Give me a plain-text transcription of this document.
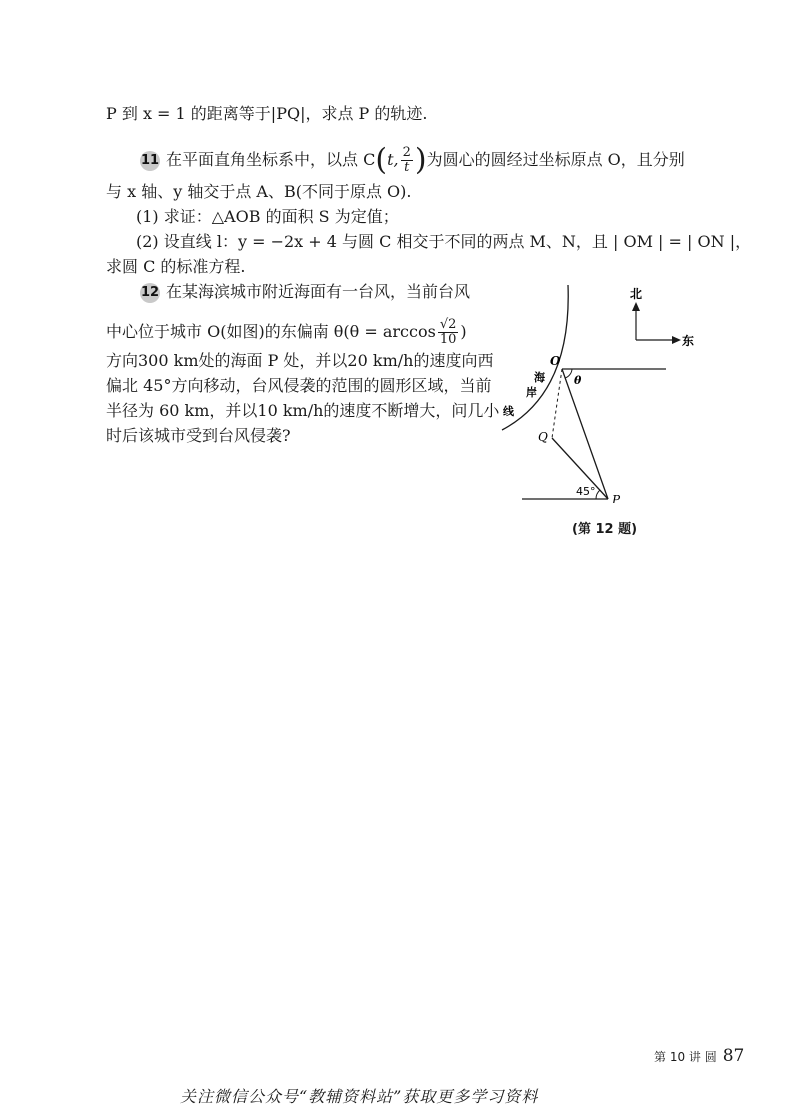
P 到 x = 1 的距离等于|PQ|，求点 P 的轨迹.
11 在平面直角坐标系中，以点 C(t, $\frac{2}{t}$ )为圆心的圆经过坐标原点 O，且分别
与 x 轴、y 轴交于点 A、B(不同于原点 O).
(1) 求证：△AOB 的面积 S 为定值；
(2) 设直线 l：y = −2x + 4 与圆 C 相交于不同的两点 M、N，且 | OM | = | ON |，
求圆 C 的标准方程.
12 在某海滨城市附近海面有一台风，当前台风
中心位于城市 O(如图)的东偏南 $\theta(\theta = \arccos \frac{√2}{10}$ )
方向300 km处的海面 P 处，并以20 km/h的速度向西
偏北 45°方向移动，台风侵袭的范围的圆形区域，当前
半径为 60 km，并以10 km/h的速度不断增大，问几小
时后该城市受到台风侵袭?
北
东
海
岸
线
O
θ
Q
P
45°
(第 12 题)
第 10 讲 圆 87
关注微信公众号“教辅资料站”获取更多学习资料
